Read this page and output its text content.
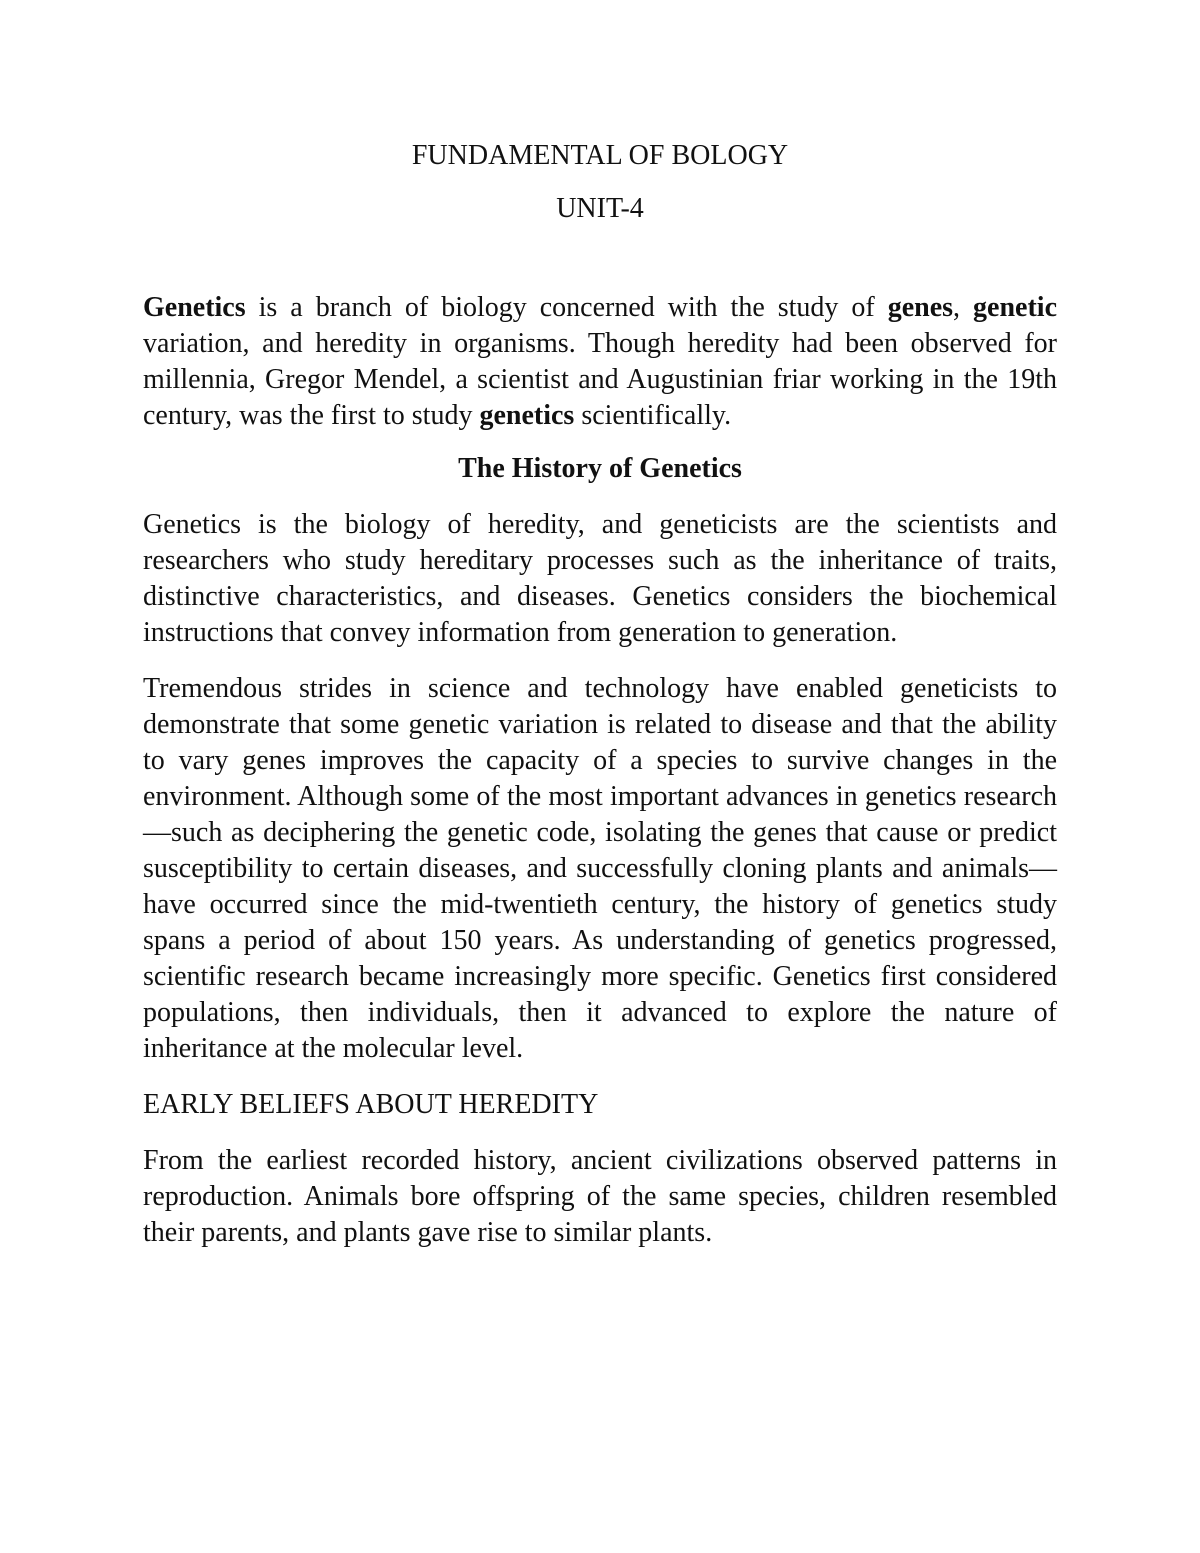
FUNDAMENTAL OF BOLOGY
UNIT-4

Genetics is a branch of biology concerned with the study of genes, genetic variation, and heredity in organisms. Though heredity had been observed for millennia, Gregor Mendel, a scientist and Augustinian friar working in the 19th century, was the first to study genetics scientifically.

The History of Genetics

Genetics is the biology of heredity, and geneticists are the scientists and researchers who study hereditary processes such as the inheritance of traits, distinctive characteristics, and diseases. Genetics considers the biochemical instructions that convey information from generation to generation.

Tremendous strides in science and technology have enabled geneticists to demonstrate that some genetic variation is related to disease and that the ability to vary genes improves the capacity of a species to survive changes in the environment. Although some of the most important advances in genetics research—such as deciphering the genetic code, isolating the genes that cause or predict susceptibility to certain diseases, and successfully cloning plants and animals—have occurred since the mid-twentieth century, the history of genetics study spans a period of about 150 years. As understanding of genetics progressed, scientific research became increasingly more specific. Genetics first considered populations, then individuals, then it advanced to explore the nature of inheritance at the molecular level.

EARLY BELIEFS ABOUT HEREDITY

From the earliest recorded history, ancient civilizations observed patterns in reproduction. Animals bore offspring of the same species, children resembled their parents, and plants gave rise to similar plants.
